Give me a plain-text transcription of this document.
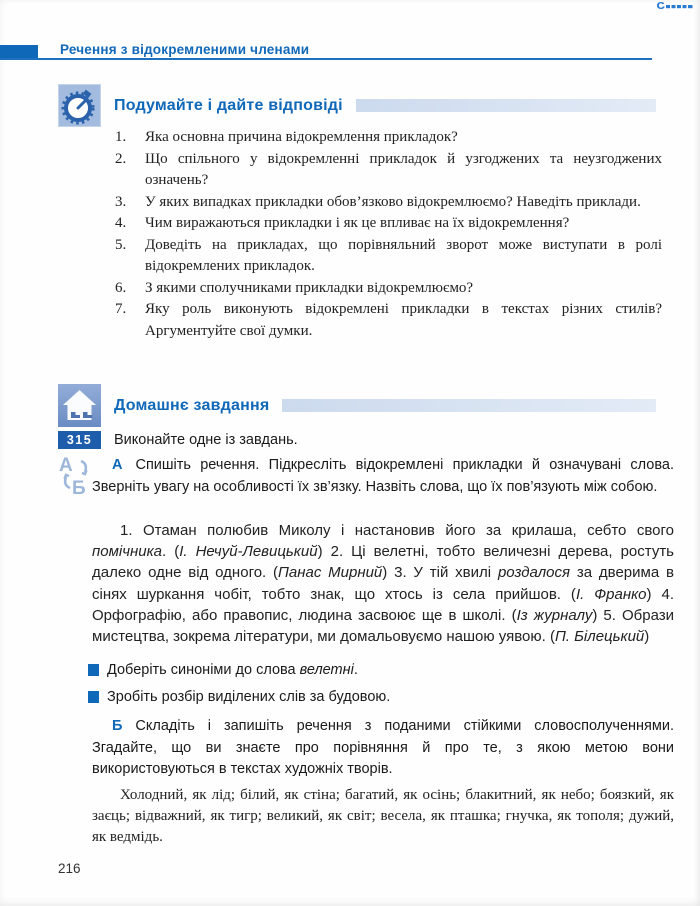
Речення з відокремленими членами
Подумайте і дайте відповіді
1.	Яка основна причина відокремлення прикладок?
2.	Що спільного у відокремленні прикладок й узгоджених та неузгоджених означень?
3.	У яких випадках прикладки обов’язково відокремлюємо? Наведіть приклади.
4.	Чим виражаються прикладки і як це впливає на їх відокремлення?
5.	Доведіть на прикладах, що порівняльний зворот може виступати в ролі відокремлених прикладок.
6.	З якими сполучниками прикладки відокремлюємо?
7.	Яку роль виконують відокремлені прикладки в текстах різних стилів? Аргументуйте свої думки.
Домашнє завдання
315	Виконайте одне із завдань.
А
Б

А Спишіть речення. Підкресліть відокремлені прикладки й означувані слова. Зверніть увагу на особливості їх зв’язку. Назвіть слова, що їх пов’язують між собою.

1. Отаман полюбив Миколу і настановив його за крилаша, себто свого помічника. (І. Нечуй-Левицький) 2. Ці велетні, тобто величезні дерева, ростуть далеко одне від одного. (Панас Мирний) 3. У тій хвилі роздалося за дверима в сінях шуркання чобіт, тобто знак, що хтось із села прийшов. (І. Франко) 4. Орфографію, або правопис, людина засвоює ще в школі. (Із журналу) 5. Образи мистецтва, зокрема літератури, ми домальовуємо нашою уявою. (П. Білецький)

Доберіть синоніми до слова велетні.
Зробіть розбір виділених слів за будовою.

Б Складіть і запишіть речення з поданими стійкими словосполученнями. Згадайте, що ви знаєте про порівняння й про те, з якою метою вони використовуються в текстах художніх творів.

Холодний, як лід; білий, як стіна; багатий, як осінь; блакитний, як небо; боязкий, як заєць; відважний, як тигр; великий, як світ; весела, як пташка; гнучка, як тополя; дужий, як ведмідь.

216
